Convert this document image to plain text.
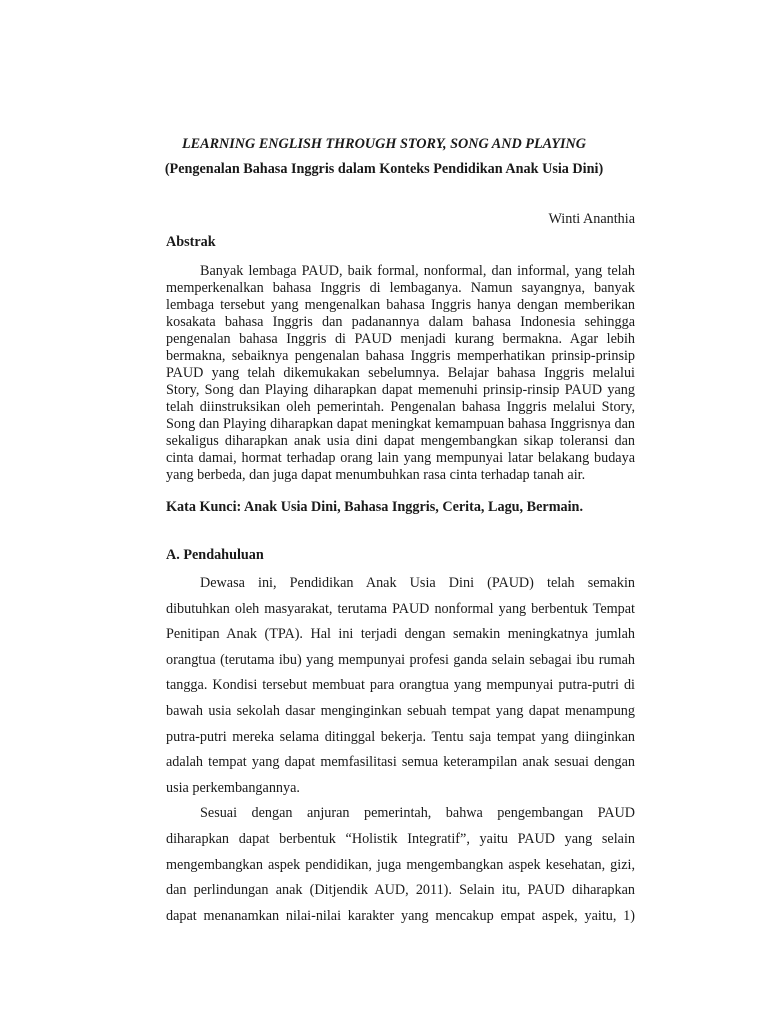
LEARNING ENGLISH THROUGH STORY, SONG AND PLAYING
(Pengenalan Bahasa Inggris dalam Konteks Pendidikan Anak Usia Dini)
Winti Ananthia
Abstrak
Banyak lembaga PAUD, baik formal, nonformal, dan informal, yang telah
memperkenalkan bahasa Inggris di lembaganya. Namun sayangnya, banyak
lembaga tersebut yang mengenalkan bahasa Inggris hanya dengan memberikan
kosakata bahasa Inggris dan padanannya dalam bahasa Indonesia sehingga
pengenalan bahasa Inggris di PAUD menjadi kurang bermakna. Agar lebih
bermakna, sebaiknya pengenalan bahasa Inggris memperhatikan prinsip-prinsip
PAUD yang telah dikemukakan sebelumnya. Belajar bahasa Inggris melalui
Story, Song dan Playing diharapkan dapat memenuhi prinsip-rinsip PAUD yang
telah diinstruksikan oleh pemerintah. Pengenalan bahasa Inggris melalui Story,
Song dan Playing diharapkan dapat meningkat kemampuan bahasa Inggrisnya dan
sekaligus diharapkan anak usia dini dapat mengembangkan sikap toleransi dan
cinta damai, hormat terhadap orang lain yang mempunyai latar belakang budaya
yang berbeda, dan juga dapat menumbuhkan rasa cinta terhadap tanah air.
Kata Kunci: Anak Usia Dini, Bahasa Inggris, Cerita, Lagu, Bermain.
A. Pendahuluan
Dewasa ini, Pendidikan Anak Usia Dini (PAUD) telah semakin
dibutuhkan oleh masyarakat, terutama PAUD nonformal yang berbentuk Tempat
Penitipan Anak (TPA). Hal ini terjadi dengan semakin meningkatnya jumlah
orangtua (terutama ibu) yang mempunyai profesi ganda selain sebagai ibu rumah
tangga. Kondisi tersebut membuat para orangtua yang mempunyai putra-putri di
bawah usia sekolah dasar menginginkan sebuah tempat yang dapat menampung
putra-putri mereka selama ditinggal bekerja. Tentu saja tempat yang diinginkan
adalah tempat yang dapat memfasilitasi semua keterampilan anak sesuai dengan
usia perkembangannya.
Sesuai dengan anjuran pemerintah, bahwa pengembangan PAUD
diharapkan dapat berbentuk “Holistik Integratif”, yaitu PAUD yang selain
mengembangkan aspek pendidikan, juga mengembangkan aspek kesehatan, gizi,
dan perlindungan anak (Ditjendik AUD, 2011). Selain itu, PAUD diharapkan
dapat menanamkan nilai-nilai karakter yang mencakup empat aspek, yaitu, 1)
